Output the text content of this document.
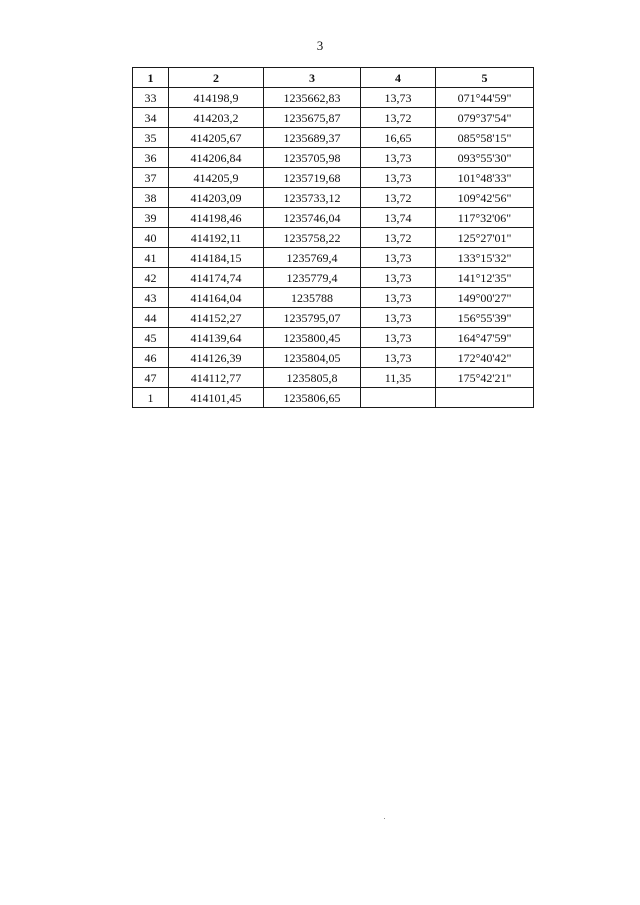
3
1	2	3	4	5
33	414198,9	1235662,83	13,73	071°44'59"
34	414203,2	1235675,87	13,72	079°37'54"
35	414205,67	1235689,37	16,65	085°58'15"
36	414206,84	1235705,98	13,73	093°55'30"
37	414205,9	1235719,68	13,73	101°48'33"
38	414203,09	1235733,12	13,72	109°42'56"
39	414198,46	1235746,04	13,74	117°32'06"
40	414192,11	1235758,22	13,72	125°27'01"
41	414184,15	1235769,4	13,73	133°15'32"
42	414174,74	1235779,4	13,73	141°12'35"
43	414164,04	1235788	13,73	149°00'27"
44	414152,27	1235795,07	13,73	156°55'39"
45	414139,64	1235800,45	13,73	164°47'59"
46	414126,39	1235804,05	13,73	172°40'42"
47	414112,77	1235805,8	11,35	175°42'21"
1	414101,45	1235806,65		
